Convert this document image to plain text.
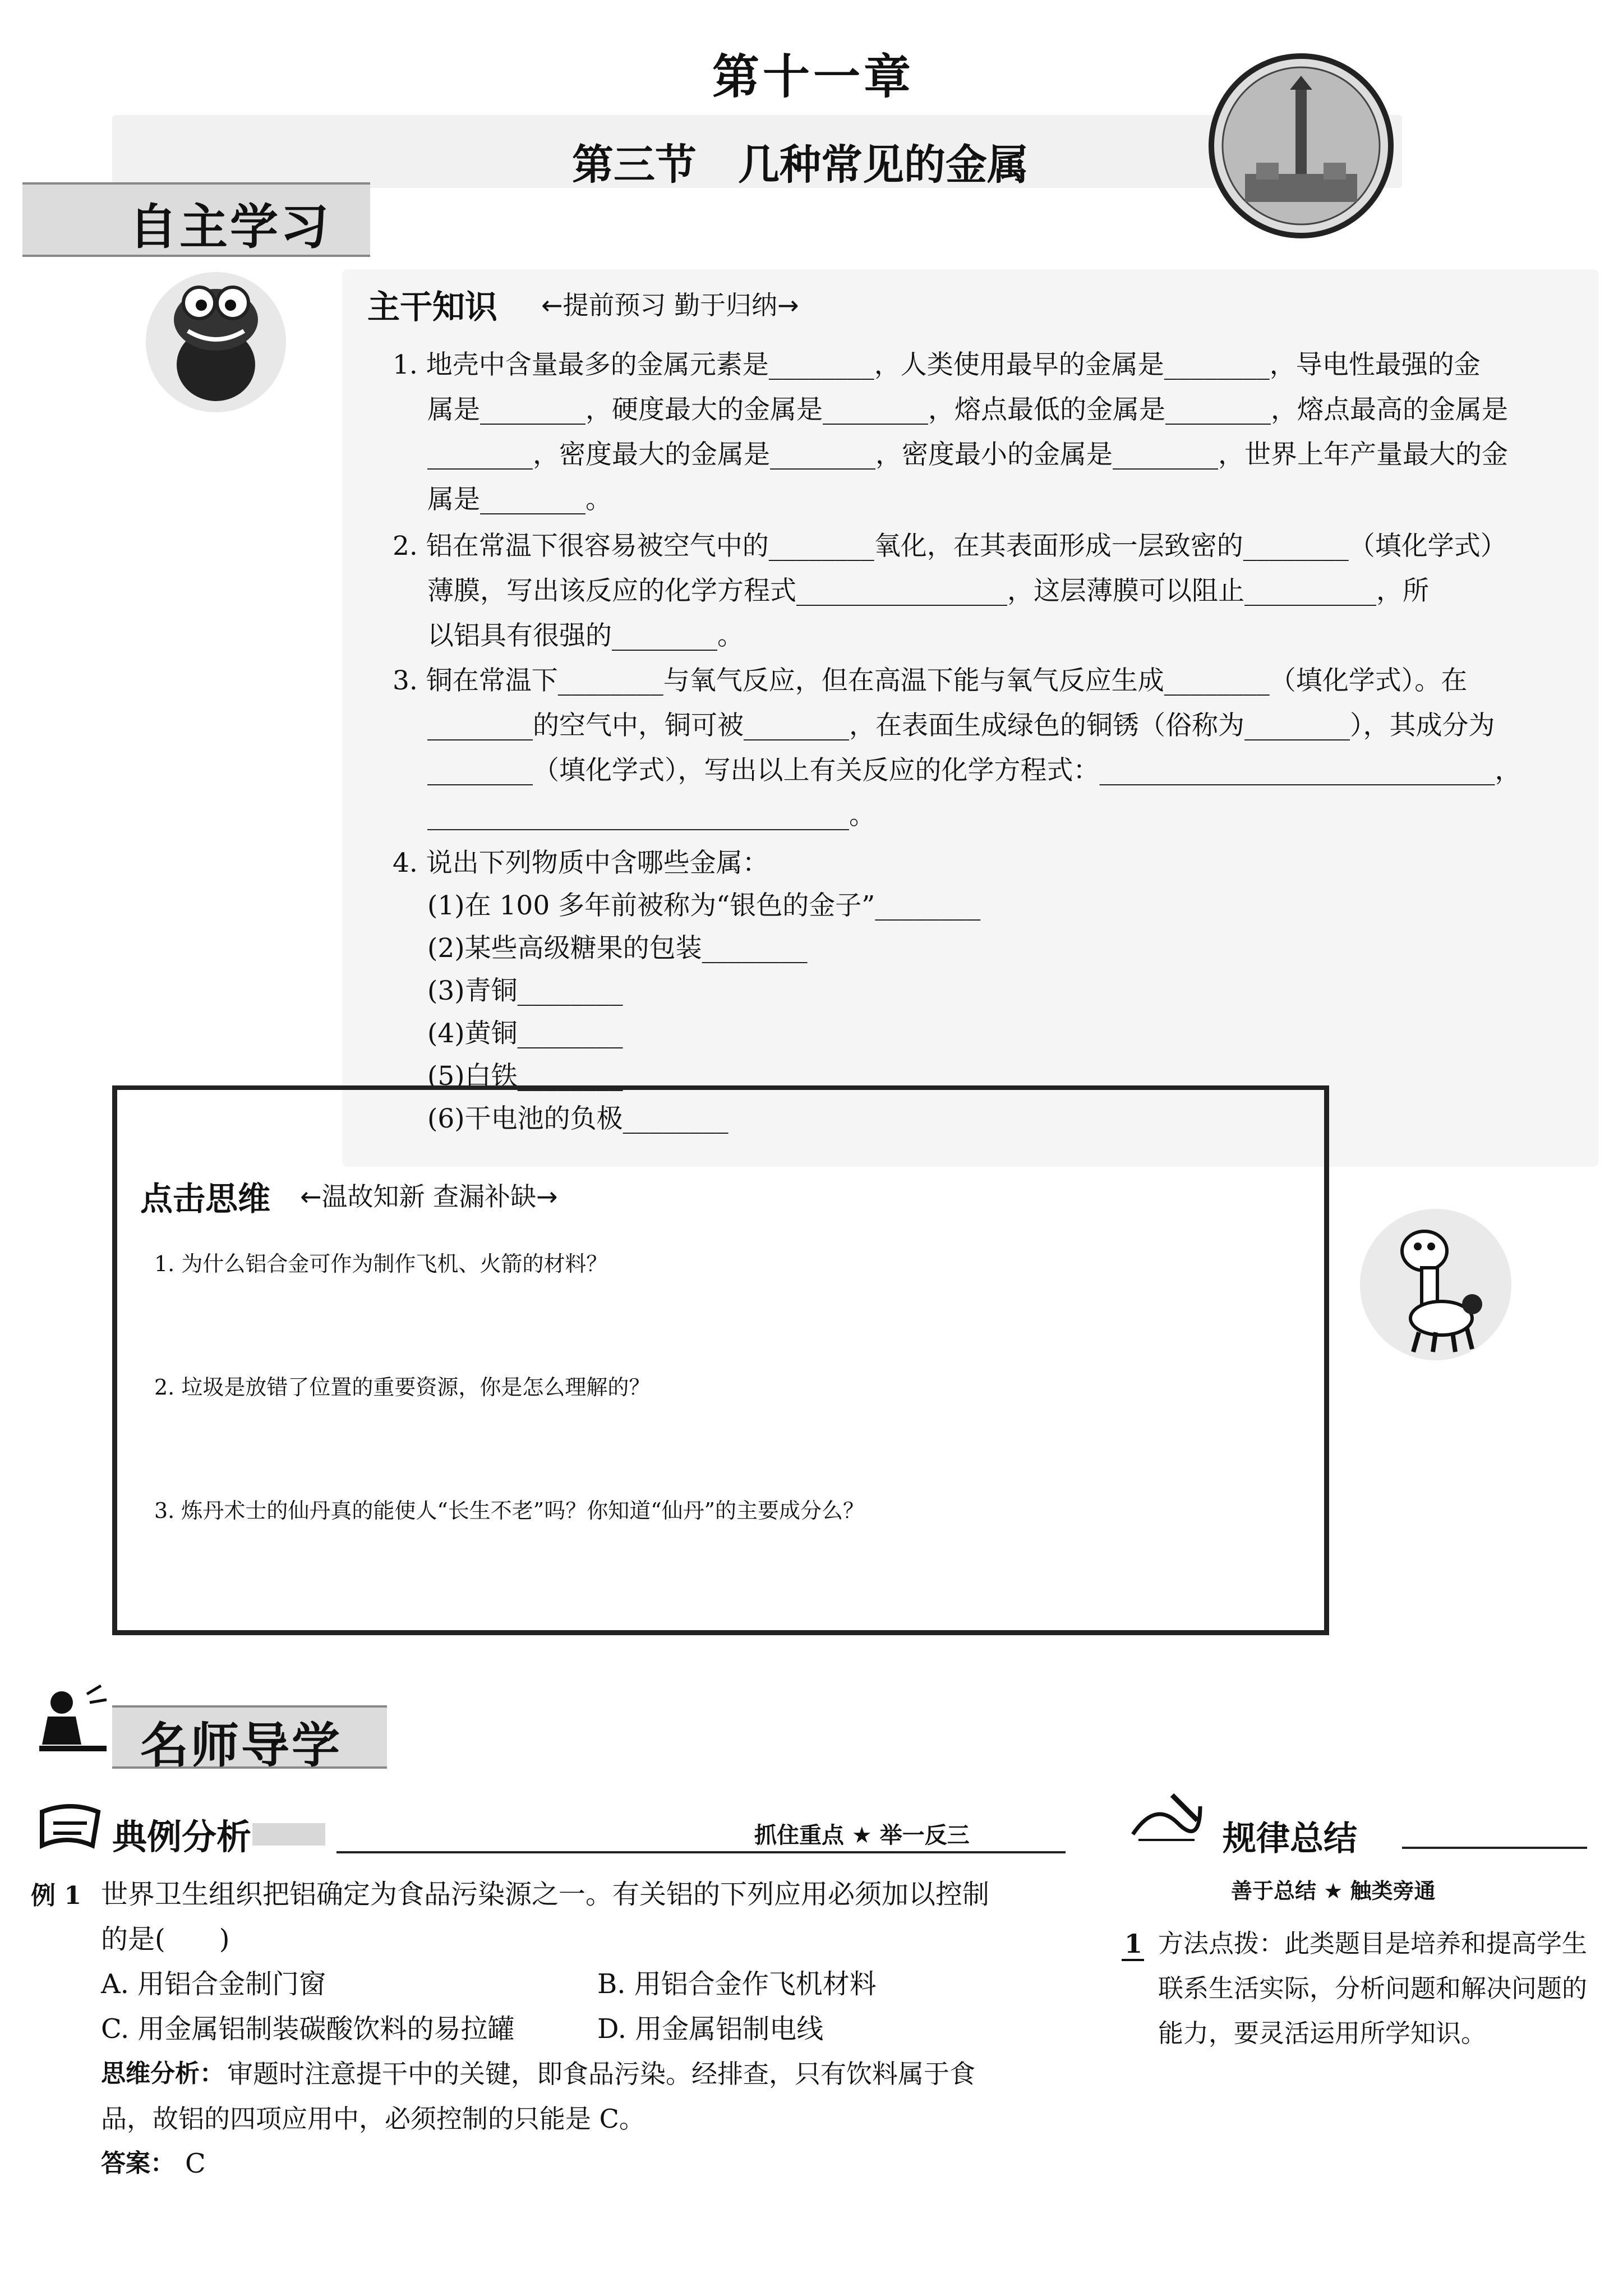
第十一章
第三节　几种常见的金属
自主学习
主干知识 ←提前预习 勤于归纳→
1. 地壳中含量最多的金属元素是________，人类使用最早的金属是________，导电性最强的金
属是________，硬度最大的金属是________，熔点最低的金属是________，熔点最高的金属是
________，密度最大的金属是________，密度最小的金属是________，世界上年产量最大的金
属是________。
2. 铝在常温下很容易被空气中的________氧化，在其表面形成一层致密的________（填化学式）
薄膜，写出该反应的化学方程式________________，这层薄膜可以阻止__________，所
以铝具有很强的________。
3. 铜在常温下________与氧气反应，但在高温下能与氧气反应生成________（填化学式）。在
________的空气中，铜可被________，在表面生成绿色的铜锈（俗称为________），其成分为
________（填化学式），写出以上有关反应的化学方程式：______________________________，
________________________________。
4. 说出下列物质中含哪些金属：
(1)在 100 多年前被称为“银色的金子”________
(2)某些高级糖果的包装________
(3)青铜________
(4)黄铜________
(5)白铁________
(6)干电池的负极________
点击思维 ←温故知新 查漏补缺→
1. 为什么铝合金可作为制作飞机、火箭的材料？
2. 垃圾是放错了位置的重要资源，你是怎么理解的？
3. 炼丹术士的仙丹真的能使人“长生不老”吗？你知道“仙丹”的主要成分么？
名师导学
典例分析	抓住重点 ★ 举一反三
例 1 世界卫生组织把铝确定为食品污染源之一。有关铝的下列应用必须加以控制
的是(　　)
A. 用铝合金制门窗	B. 用铝合金作飞机材料
C. 用金属铝制装碳酸饮料的易拉罐	D. 用金属铝制电线
思维分析： 审题时注意提干中的关键，即食品污染。经排查，只有饮料属于食
品，故铝的四项应用中，必须控制的只能是 C。
答案： C
规律总结
善于总结 ★ 触类旁通
1 方法点拨：此类题目是培养和提高学生
联系生活实际，分析问题和解决问题的
能力，要灵活运用所学知识。
